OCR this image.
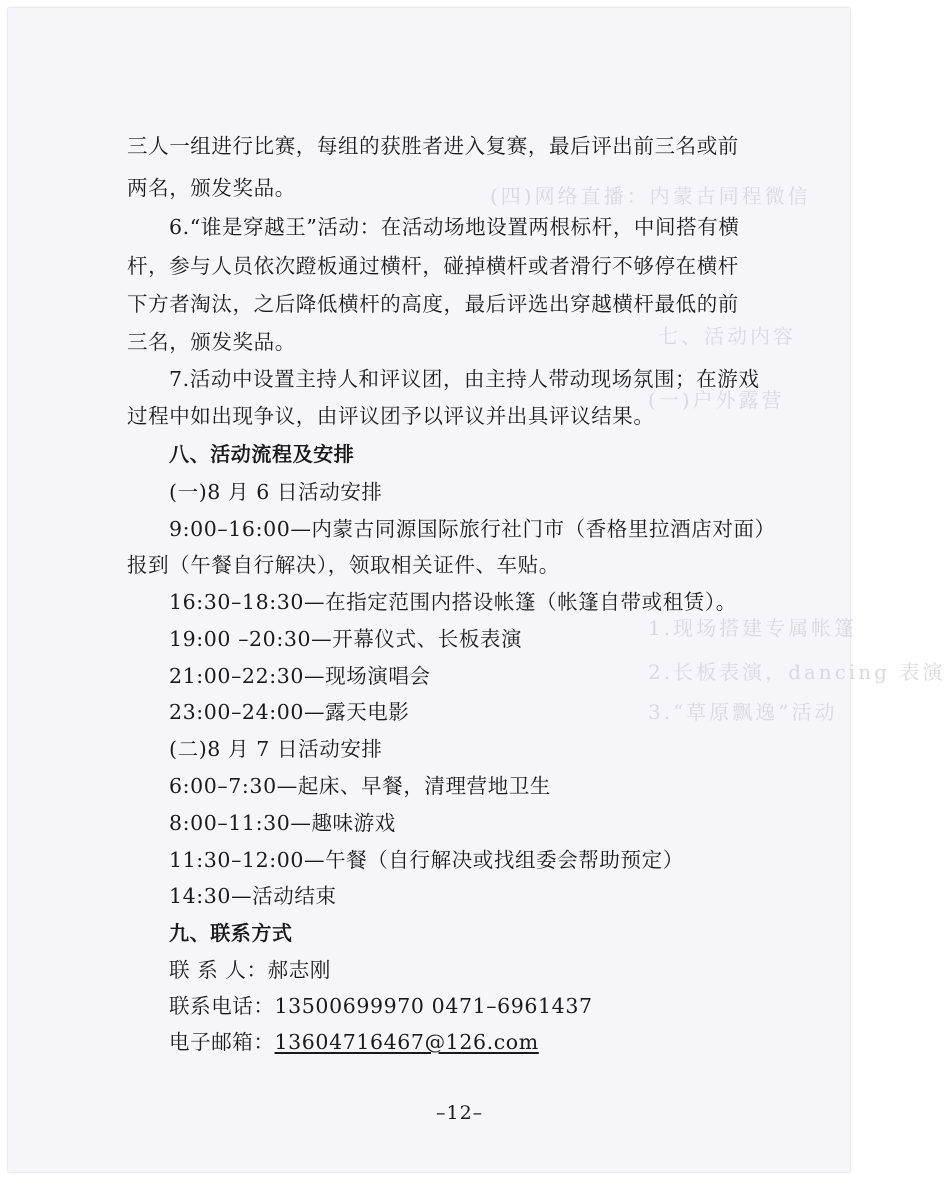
(四)网络直播：内蒙古同程微信
七、活动内容
(一)户外露营
1.现场搭建专属帐篷
2.长板表演，dancing 表演
3.“草原飘逸”活动
三人一组进行比赛，每组的获胜者进入复赛，最后评出前三名或前
两名，颁发奖品。
6.“谁是穿越王”活动：在活动场地设置两根标杆，中间搭有横
杆，参与人员依次蹬板通过横杆，碰掉横杆或者滑行不够停在横杆
下方者淘汰，之后降低横杆的高度，最后评选出穿越横杆最低的前
三名，颁发奖品。
7.活动中设置主持人和评议团，由主持人带动现场氛围；在游戏
过程中如出现争议，由评议团予以评议并出具评议结果。
八、活动流程及安排
(一)8 月 6 日活动安排
9:00–16:00—内蒙古同源国际旅行社门市（香格里拉酒店对面）
报到（午餐自行解决），领取相关证件、车贴。
16:30–18:30—在指定范围内搭设帐篷（帐篷自带或租赁）。
19:00 –20:30—开幕仪式、长板表演
21:00–22:30—现场演唱会
23:00–24:00—露天电影
(二)8 月 7 日活动安排
6:00–7:30—起床、早餐，清理营地卫生
8:00–11:30—趣味游戏
11:30–12:00—午餐（自行解决或找组委会帮助预定）
14:30—活动结束
九、联系方式
联 系 人：郝志刚
联系电话：13500699970 0471–6961437
电子邮箱：13604716467@126.com
–12–
